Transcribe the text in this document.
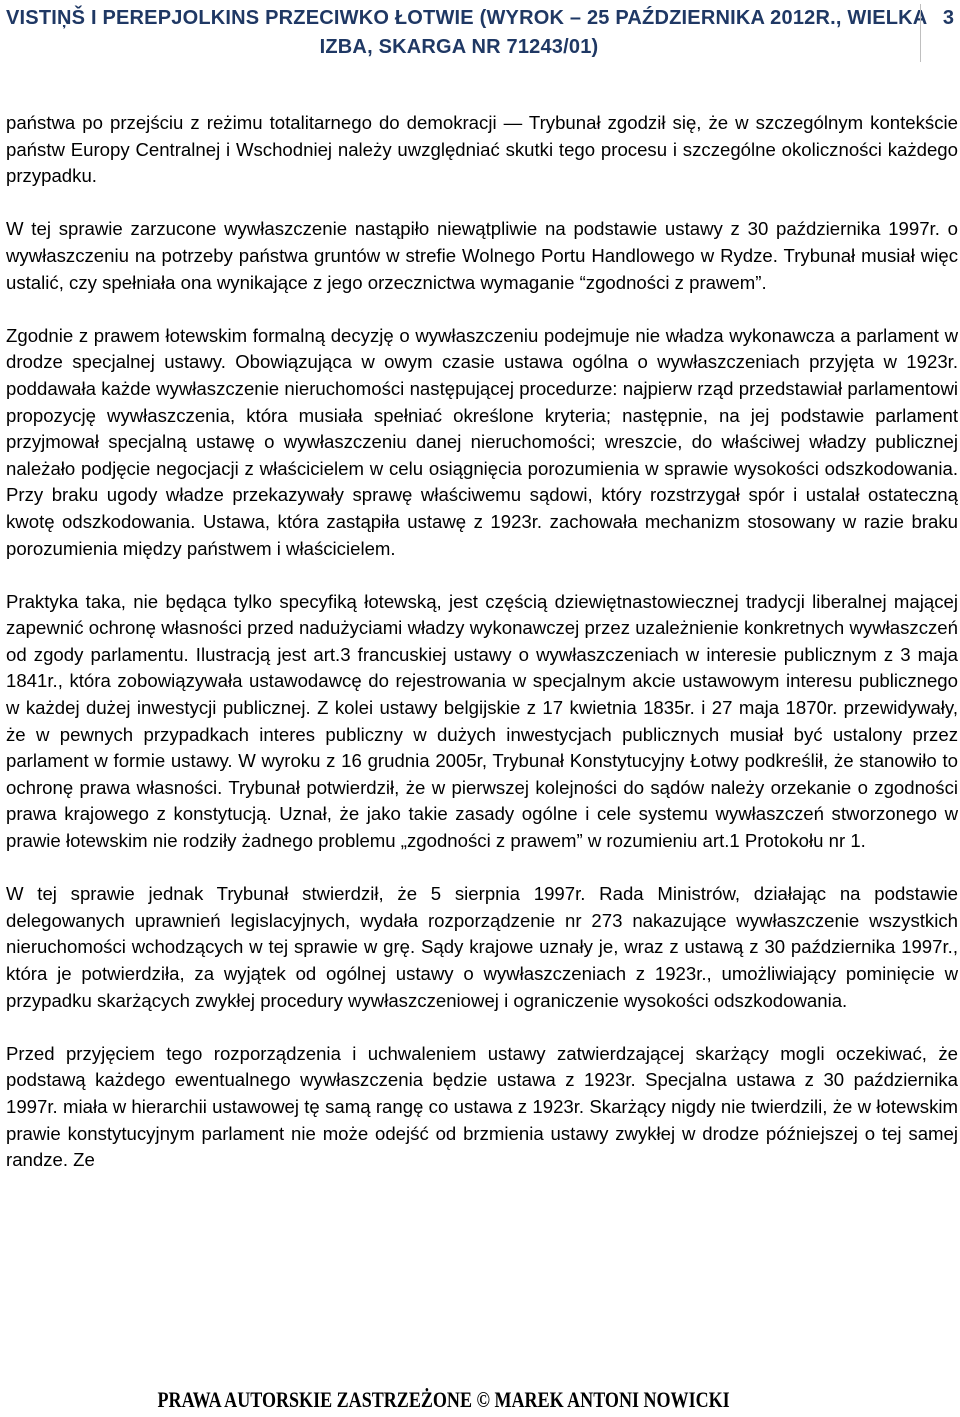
VISTIŅŠ I PEREPJOLKINS PRZECIWKO ŁOTWIE (WYROK – 25 PAŹDZIERNIKA 2012R., WIELKA
IZBA, SKARGA NR 71243/01)
3

państwa po przejściu z reżimu totalitarnego do demokracji — Trybunał zgodził się, że w szczególnym kontekście państw Europy Centralnej i Wschodniej należy uwzględniać skutki tego procesu i szczególne okoliczności każdego przypadku.

W tej sprawie zarzucone wywłaszczenie nastąpiło niewątpliwie na podstawie ustawy z 30 października 1997r. o wywłaszczeniu na potrzeby państwa gruntów w strefie Wolnego Portu Handlowego w Rydze. Trybunał musiał więc ustalić, czy spełniała ona wynikające z jego orzecznictwa wymaganie “zgodności z prawem”.

Zgodnie z prawem łotewskim formalną decyzję o wywłaszczeniu podejmuje nie władza wykonawcza a parlament w drodze specjalnej ustawy. Obowiązująca w owym czasie ustawa ogólna o wywłaszczeniach przyjęta w 1923r. poddawała każde wywłaszczenie nieruchomości następującej procedurze: najpierw rząd przedstawiał parlamentowi propozycję wywłaszczenia, która musiała spełniać określone kryteria; następnie, na jej podstawie parlament przyjmował specjalną ustawę o wywłaszczeniu danej nieruchomości; wreszcie, do właściwej władzy publicznej należało podjęcie negocjacji z właścicielem w celu osiągnięcia porozumienia w sprawie wysokości odszkodowania. Przy braku ugody władze przekazywały sprawę właściwemu sądowi, który rozstrzygał spór i ustalał ostateczną kwotę odszkodowania. Ustawa, która zastąpiła ustawę z 1923r. zachowała mechanizm stosowany w razie braku porozumienia między państwem i właścicielem.

Praktyka taka, nie będąca tylko specyfiką łotewską, jest częścią dziewiętnastowiecznej tradycji liberalnej mającej zapewnić ochronę własności przed nadużyciami władzy wykonawczej przez uzależnienie konkretnych wywłaszczeń od zgody parlamentu. Ilustracją jest art.3 francuskiej ustawy o wywłaszczeniach w interesie publicznym z 3 maja 1841r., która zobowiązywała ustawodawcę do rejestrowania w specjalnym akcie ustawowym interesu publicznego w każdej dużej inwestycji publicznej. Z kolei ustawy belgijskie z 17 kwietnia 1835r. i 27 maja 1870r. przewidywały, że w pewnych przypadkach interes publiczny w dużych inwestycjach publicznych musiał być ustalony przez parlament w formie ustawy. W wyroku z 16 grudnia 2005r, Trybunał Konstytucyjny Łotwy podkreślił, że stanowiło to ochronę prawa własności. Trybunał potwierdził, że w pierwszej kolejności do sądów należy orzekanie o zgodności prawa krajowego z konstytucją. Uznał, że jako takie zasady ogólne i cele systemu wywłaszczeń stworzonego w prawie łotewskim nie rodziły żadnego problemu „zgodności z prawem” w rozumieniu art.1 Protokołu nr 1.

W tej sprawie jednak Trybunał stwierdził, że 5 sierpnia 1997r. Rada Ministrów, działając na podstawie delegowanych uprawnień legislacyjnych, wydała rozporządzenie nr 273 nakazujące wywłaszczenie wszystkich nieruchomości wchodzących w tej sprawie w grę. Sądy krajowe uznały je, wraz z ustawą z 30 października 1997r., która je potwierdziła, za wyjątek od ogólnej ustawy o wywłaszczeniach z 1923r., umożliwiający pominięcie w przypadku skarżących zwykłej procedury wywłaszczeniowej i ograniczenie wysokości odszkodowania.

Przed przyjęciem tego rozporządzenia i uchwaleniem ustawy zatwierdzającej skarżący mogli oczekiwać, że podstawą każdego ewentualnego wywłaszczenia będzie ustawa z 1923r. Specjalna ustawa z 30 października 1997r. miała w hierarchii ustawowej tę samą rangę co ustawa z 1923r. Skarżący nigdy nie twierdzili, że w łotewskim prawie konstytucyjnym parlament nie może odejść od brzmienia ustawy zwykłej w drodze późniejszej o tej samej randze. Ze

PRAWA AUTORSKIE ZASTRZEŻONE © MAREK ANTONI NOWICKI
